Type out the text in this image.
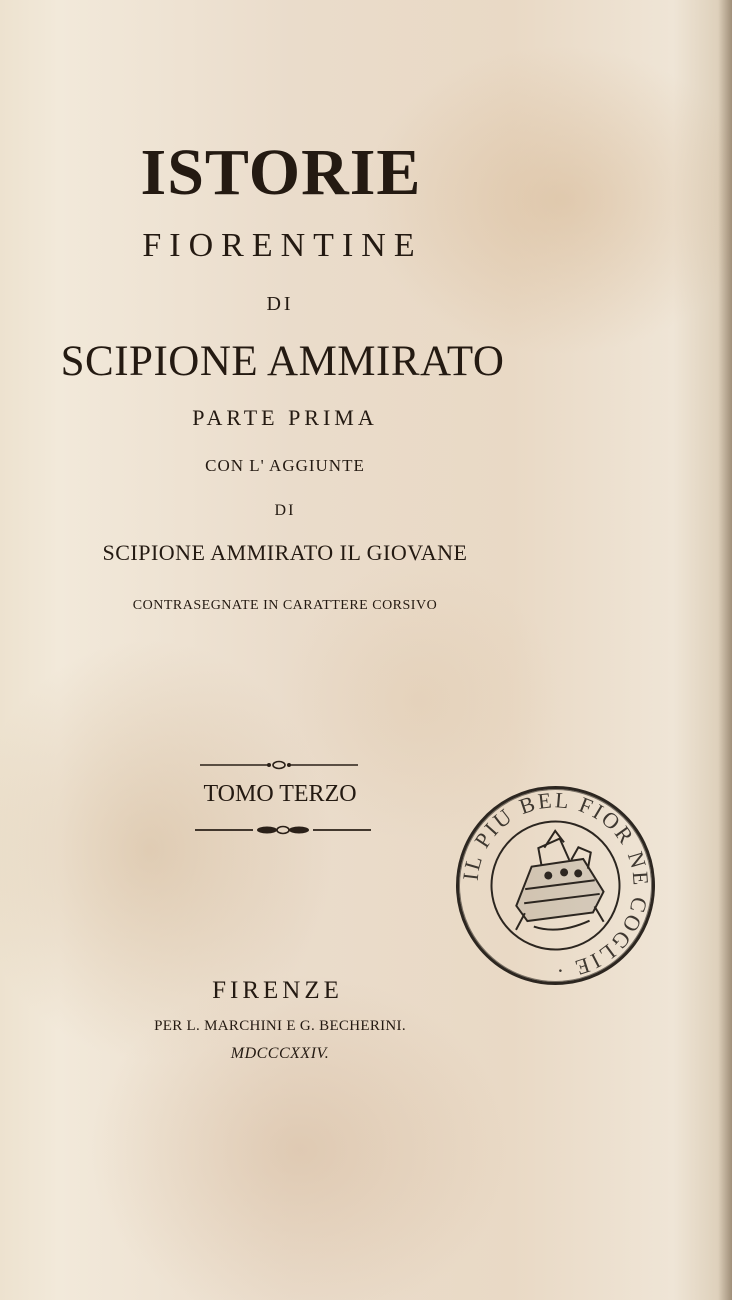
ISTORIE
FIORENTINE
DI
SCIPIONE AMMIRATO
PARTE PRIMA
CON L' AGGIUNTE
DI
SCIPIONE AMMIRATO IL GIOVANE
CONTRASEGNATE IN CARATTERE CORSIVO
TOMO TERZO
FIRENZE
PER L. MARCHINI E G. BECHERINI.
MDCCCXXIV.
IL PIU BEL FIOR NE COGLIE ·
